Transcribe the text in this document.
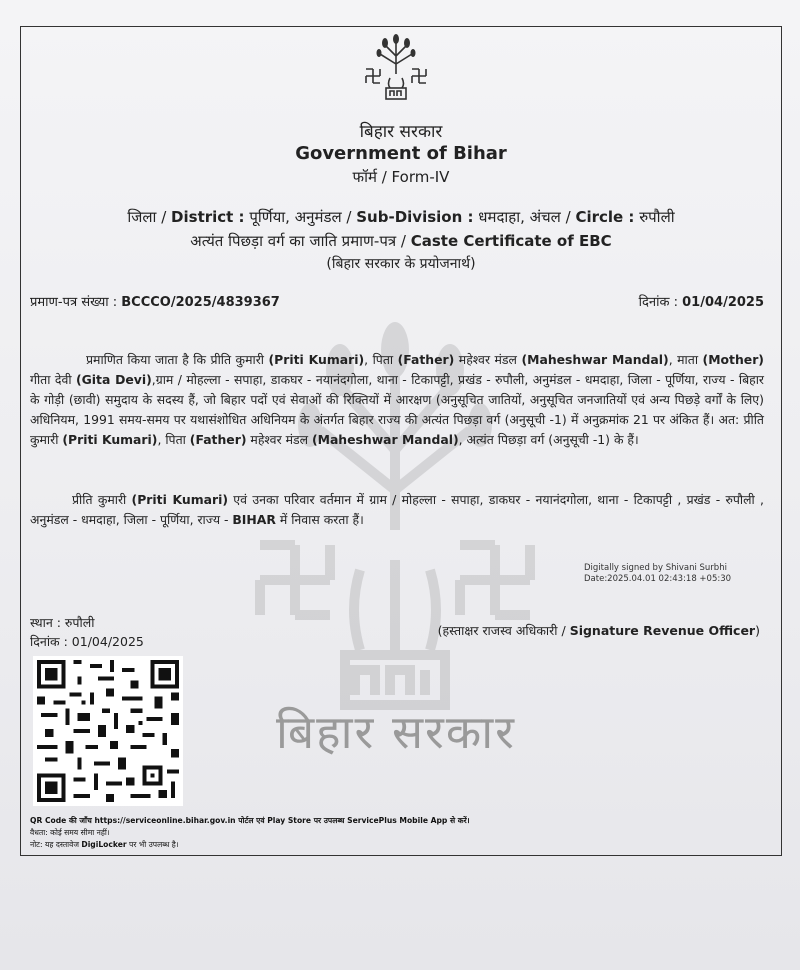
बिहार सरकार
बिहार सरकार
Government of Bihar
फॉर्म / Form-IV
जिला / District : पूर्णिया, अनुमंडल / Sub-Division : धमदाहा, अंचल / Circle : रुपौली
अत्यंत पिछड़ा वर्ग का जाति प्रमाण-पत्र / Caste Certificate of EBC
(बिहार सरकार के प्रयोजनार्थ)
प्रमाण-पत्र संख्या : BCCCO/2025/4839367	दिनांक : 01/04/2025
प्रमाणित किया जाता है कि प्रीति कुमारी (Priti Kumari), पिता (Father) महेश्वर मंडल (Maheshwar Mandal), माता (Mother) गीता देवी (Gita Devi),ग्राम / मोहल्ला - सपाहा, डाकघर - नयानंदगोला, थाना - टिकापट्टी, प्रखंड - रुपौली, अनुमंडल - धमदाहा, जिला - पूर्णिया, राज्य - बिहार के गोड़ी (छावी) समुदाय के सदस्य हैं, जो बिहार पदों एवं सेवाओं की रिक्तियों में आरक्षण (अनुसूचित जातियों, अनुसूचित जनजातियों एवं अन्य पिछड़े वर्गों के लिए) अधिनियम, 1991 समय-समय पर यथासंशोधित अधिनियम के अंतर्गत बिहार राज्य की अत्यंत पिछड़ा वर्ग (अनुसूची -1) में अनुक्रमांक 21 पर अंकित हैं। अत: प्रीति कुमारी (Priti Kumari), पिता (Father) महेश्वर मंडल (Maheshwar Mandal), अत्यंत पिछड़ा वर्ग (अनुसूची -1) के हैं।
प्रीति कुमारी (Priti Kumari) एवं उनका परिवार वर्तमान में ग्राम / मोहल्ला - सपाहा, डाकघर - नयानंदगोला, थाना - टिकापट्टी , प्रखंड - रुपौली , अनुमंडल - धमदाहा, जिला - पूर्णिया, राज्य - BIHAR में निवास करता हैं।
Digitally signed by Shivani Surbhi
Date:2025.04.01 02:43:18 +05:30
स्थान : रुपौली
दिनांक : 01/04/2025
(हस्ताक्षर राजस्व अधिकारी / Signature Revenue Officer)
QR Code की जाँच https://serviceonline.bihar.gov.in पोर्टल एवं Play Store पर उपलब्ध ServicePlus Mobile App से करें।
वैधता: कोई समय सीमा नहीं।
नोट: यह दस्तावेज DigiLocker पर भी उपलब्ध है।
